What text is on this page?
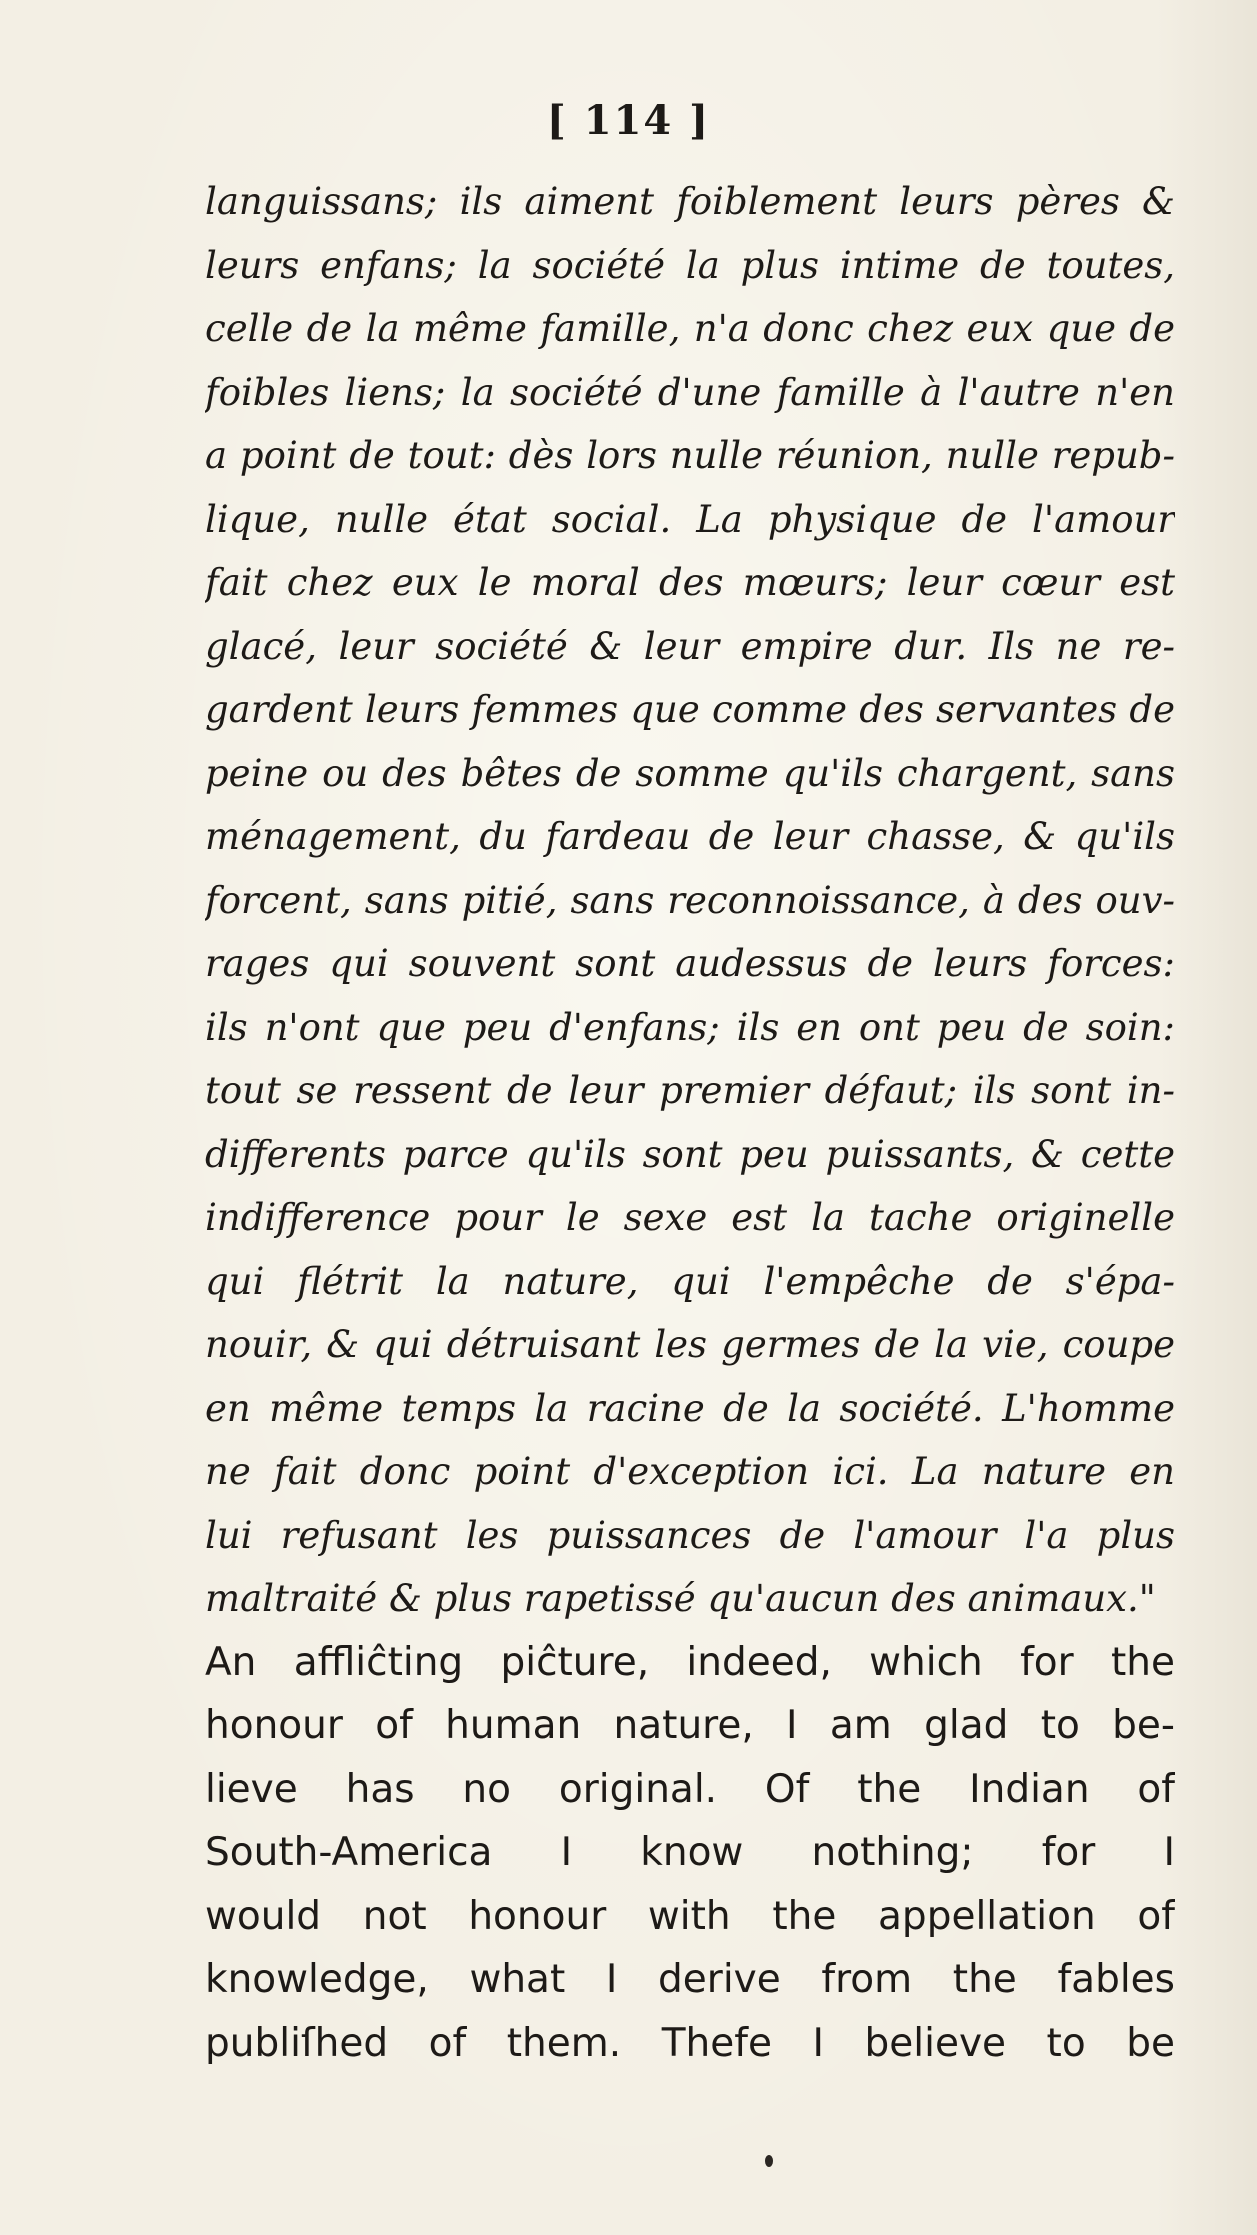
[ 114 ]
languissans; ils aiment foiblement leurs pères &
leurs enfans; la société la plus intime de toutes,
celle de la même famille, n'a donc chez eux que de
foibles liens; la société d'une famille à l'autre n'en
a point de tout: dès lors nulle réunion, nulle repub-
lique, nulle état social. La physique de l'amour
fait chez eux le moral des mœurs; leur cœur est
glacé, leur société & leur empire dur. Ils ne re-
gardent leurs femmes que comme des servantes de
peine ou des bêtes de somme qu'ils chargent, sans
ménagement, du fardeau de leur chasse, & qu'ils
forcent, sans pitié, sans reconnoissance, à des ouv-
rages qui souvent sont audessus de leurs forces:
ils n'ont que peu d'enfans; ils en ont peu de soin:
tout se ressent de leur premier défaut; ils sont in-
differents parce qu'ils sont peu puissants, & cette
indifference pour le sexe est la tache originelle
qui flétrit la nature, qui l'empêche de s'épa-
nouir, & qui détruisant les germes de la vie, coupe
en même temps la racine de la société. L'homme
ne fait donc point d'exception ici. La nature en
lui refusant les puissances de l'amour l'a plus
maltraité & plus rapetissé qu'aucun des animaux."
An affliĉting piĉture, indeed, which for the
honour of human nature, I am glad to be-
lieve has no original. Of the Indian of
South-America I know nothing; for I
would not honour with the appellation of
knowledge, what I derive from the fables
publiſhed of them. Thefe I believe to be
